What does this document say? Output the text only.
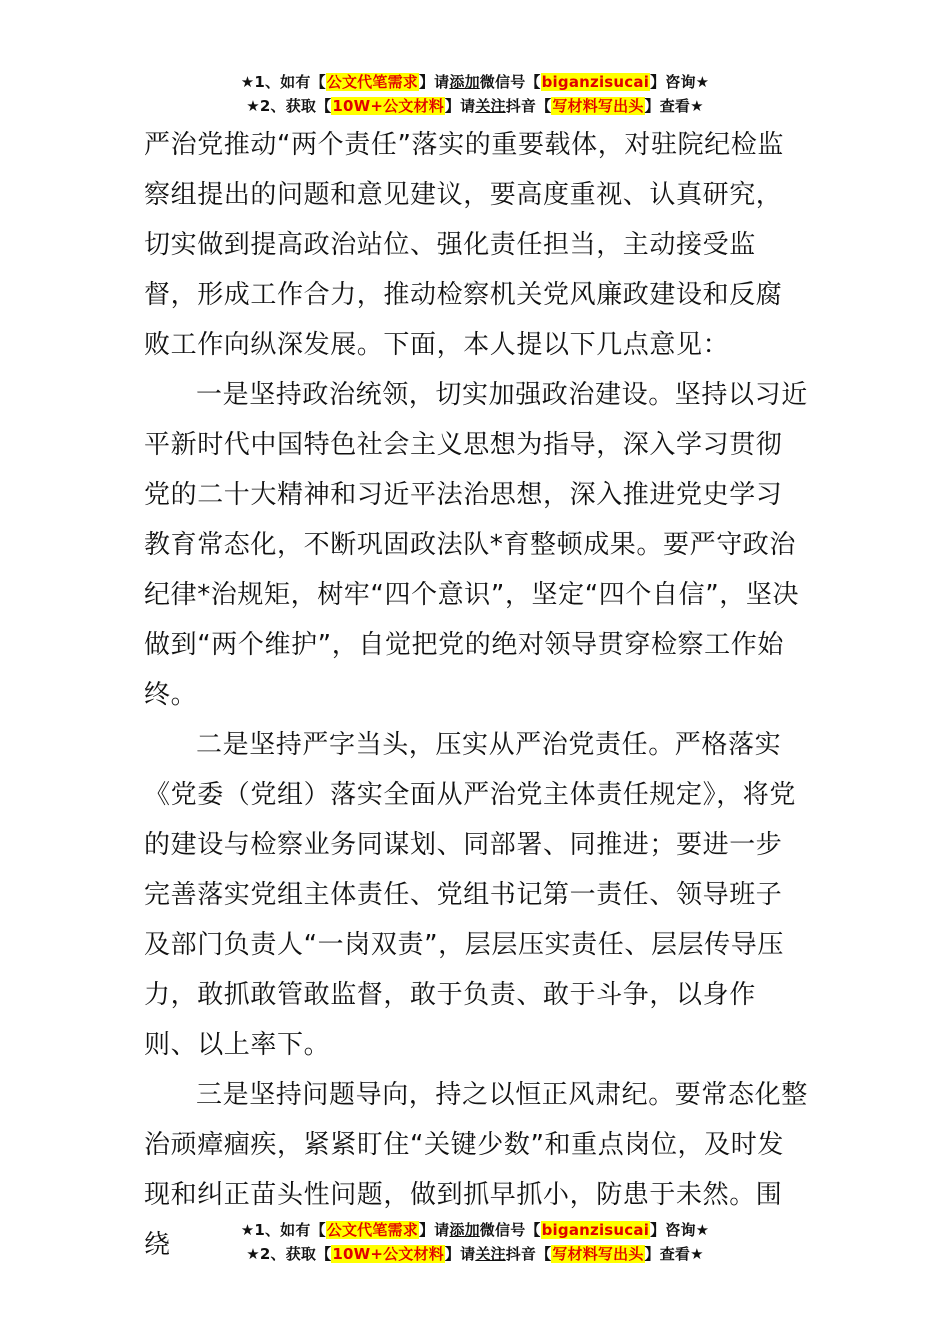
★1、如有【公文代笔需求】请添加微信号【biganzisucai】咨询★
★2、获取【10W+公文材料】请关注抖音【写材料写出头】查看★

严治党推动“两个责任”落实的重要载体，对驻院纪检监察组提出的问题和意见建议，要高度重视、认真研究，切实做到提高政治站位、强化责任担当，主动接受监督，形成工作合力，推动检察机关党风廉政建设和反腐败工作向纵深发展。下面，本人提以下几点意见：

一是坚持政治统领，切实加强政治建设。坚持以习近平新时代中国特色社会主义思想为指导，深入学习贯彻党的二十大精神和习近平法治思想，深入推进党史学习教育常态化，不断巩固政法队*育整顿成果。要严守政治纪律*治规矩，树牢“四个意识”，坚定“四个自信”，坚决做到“两个维护”，自觉把党的绝对领导贯穿检察工作始终。

二是坚持严字当头，压实从严治党责任。严格落实《党委（党组）落实全面从严治党主体责任规定》，将党的建设与检察业务同谋划、同部署、同推进；要进一步完善落实党组主体责任、党组书记第一责任、领导班子及部门负责人“一岗双责”，层层压实责任、层层传导压力，敢抓敢管敢监督，敢于负责、敢于斗争，以身作则、以上率下。

三是坚持问题导向，持之以恒正风肃纪。要常态化整治顽瘴痼疾，紧紧盯住“关键少数”和重点岗位，及时发现和纠正苗头性问题，做到抓早抓小，防患于未然。围绕	★1、如有【公文代笔需求】请添加微信号【biganzisucai】咨询★
★2、获取【10W+公文材料】请关注抖音【写材料写出头】查看★
